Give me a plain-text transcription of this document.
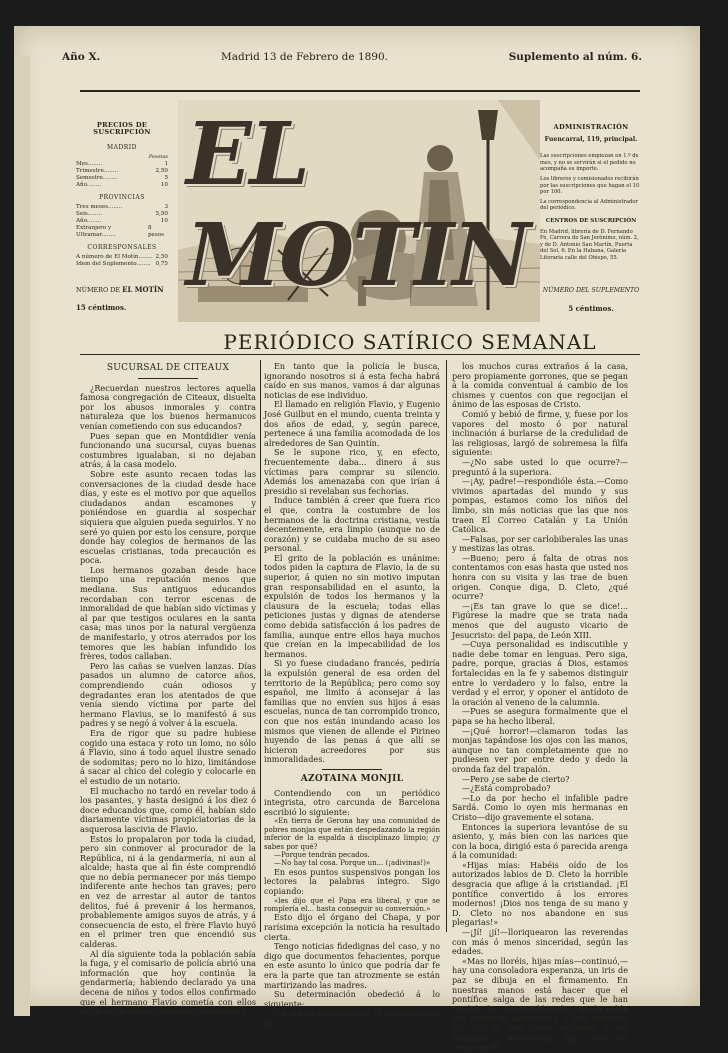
Año X.	Madrid 13 de Febrero de 1890.	Suplemento al núm. 6.
PRECIOS DE SUSCRIPCIÓN
MADRID
Pesetas
Mes........	1
Trimestre........	2,50
Semestre........	5
Año........	10
PROVINCIAS
Tres meses........	3
Seis........	5,50
Año........	10
Extranjero y Ultramar........
8 pesos
CORRESPONSALES
A número de El Motín........ 2,50
Idem del Suplemento........ 0,75
NÚMERO DE EL MOTÍN
15 céntimos.
EL MOTIN
ADMINISTRACIÓN
Fuencarral, 119, principal.

Las suscripciones empiezan en 1.º de mes, y no se servirán si el pedido no acompaña su importe.

Los libreros y comisionados recibirán por las suscripciones que hagan el 10 por 100.

La correspondencia al Administrador del periódico.

CENTROS DE SUSCRIPCIÓN

En Madrid, librería de D. Fernando Fe, Carrera de San Jerónimo, núm. 2, y de D. Antonio San Martín, Puerta del Sol, 6. En la Habana, Galería Literaria calle del Obispo, 55.

NÚMERO DEL SUPLEMENTO
5 céntimos.
PERIÓDICO SATÍRICO SEMANAL
SUCURSAL DE CITEAUX

¿Recuerdan nuestros lectores aquella famosa congregación de Citeaux, disuelta por los abusos inmorales y contra naturaleza que los buenos hermanucos venían cometiendo con sus educandos?

Pues sepan que en Montdidier venía funcionando una sucursal, cuyas buenas costumbres igualaban, si no dejaban atrás, á la casa modelo.

Sobre este asunto recaen todas las conversaciones de la ciudad desde hace días, y este es el motivo por que aquellos ciudadanos andan escamones y poniéndose en guardia al sospechar siquiera que alguien pueda seguirlos. Y no seré yo quien por esto los censure, porque donde hay colegios de hermanos de las escuelas cristianas, toda precaución es poca.

Los hermanos gozaban desde hace tiempo una reputación menos que mediana. Sus antiguos educandos recordaban con terror escenas de inmoralidad de que habían sido víctimas y al par que testigos oculares en la santa casa; mas unos por la natural vergüenza de manifestarlo, y otros aterrados por los temores que les habían infundido los frères, todos callaban.

Pero las cañas se vuelven lanzas. Días pasados un alumno de catorce años, comprendiendo cuán odiosos y degradantes eran los atentados de que venía siendo víctima por parte del hermano Flavius, se lo manifestó á sus padres y se negó á volver á la escuela.

Era de rigor que su padre hubiese cogido una estaca y roto un lomo, no sólo á Flavio, sino á todo aquel ilustre senado de sodomitas; pero no lo hizo, limitándose á sacar al chico del colegio y colocarle en el estudio de un notario.

El muchacho no tardó en revelar todo á los pasantes, y hasta designó á los diez ó doce educandos que, como él, habían sido diariamente víctimas propiciatorias de la asquerosa lascivia de Flavio.

Estos lo propalaron por toda la ciudad, pero sin conmover al procurador de la República, ni á la gendarmería, ni aun al alcalde; hasta que al fin éste comprendió que no debía permanecer por más tiempo indiferente ante hechos tan graves; pero en vez de arrestar al autor de tantos delitos, fué á prevenir á los hermanos, probablemente amigos suyos de atrás, y á consecuencia de esto, el frère Flavio huyó en el primer tren que encendió sus calderas.

Al día siguiente toda la población sabía la fuga, y el comisario de policía abrió una información que hoy continúa la gendarmería; habiendo declarado ya una decena de niños y todos ellos confirmado que el hermano Flavio cometía con ellos actos de la más repugnante inmoralidad.

En tanto que la policía le busca, ignorando nosotros si á esta fecha habrá caído en sus manos, vamos á dar algunas noticias de ese individuo.

El llamado en religión Flavio, y Eugenio José Guilbut en el mundo, cuenta treinta y dos años de edad, y, según parece, pertenece á una familia acomodada de los alrededores de San Quintín.

Se le supone rico, y, en efecto, frecuentemente daba... dinero á sus víctimas para comprar su silencio. Además los amenazaba con que irían á presidio si revelaban sus fechorías.

Induce también á creer que fuera rico el que, contra la costumbre de los hermanos de la doctrina cristiana, vestía decentemente, era limpio (aunque no de corazón) y se cuidaba mucho de su aseo personal.

El grito de la población es unánime: todos piden la captura de Flavio, la de su superior, á quien no sin motivo imputan gran responsabilidad en el asunto, la expulsión de todos los hermanos y la clausura de la escuela; todas ellas peticiones justas y dignas de atenderse como debida satisfacción á los padres de familia, aunque entre ellos haya muchos que creían en la impecabilidad de los hermanos.

Si yo fuese ciudadano francés, pediría la expulsión general de esa orden del territorio de la República; pero como soy español, me limito á aconsejar á las familias que no envíen sus hijos á esas escuelas, nunca de tan corrompido tronco, con que nos están inundando acaso los mismos que vienen de allende el Pirineo huyendo de las penas á que allí se hicieron acreedores por sus inmoralidades.

AZOTAINA MONJIL

Contendiendo con un periódico integrista, otro carcunda de Barcelona escribió lo siguiente:

«En tierra de Gerona hay una comunidad de pobres monjas que están despedazando la región inferior de la espalda á disciplinazo limpio; ¿y sabes por qué?

—Porque tendrán pecados.

—No hay tal cosa. Porque un... (¡adivinas!)»

En esos puntos suspensivos pongan los lectores la palabras íntegro. Sigo copiando:

«les dijo que el Papa era liberal, y que se romplería el... hasta conseguir su conversión.»

Esto dijo el órgano del Chapa, y por rarísima excepción la noticia ha resultado cierta.

Tengo noticias fidedignas del caso, y no digo que documentos fehacientes, porque en este asunto lo único que podría dar fe era la parte que tan atrozmente se están martirizando las madres.

Su determinación obedeció á lo siguiente:

Un día se descolgó por el convento uno de

los muchos curas extraños á la casa, pero propiamente gorrones, que se pegan á la comida conventual á cambio de los chismes y cuentos con que regocijan el ánimo de las esposas de Cristo.

Comió y bebió de firme, y, fuese por los vapores del mosto ó por natural inclinación á burlarse de la credulidad de las religiosas, largó de sobremesa la filfa siguiente:

—¿No sabe usted lo que ocurre?—preguntó á la superiora.

—¡Ay, padre!—respondióle ésta.—Como vivimos apartadas del mundo y sus pompas, estamos como los niños del limbo, sin más noticias que las que nos traen El Correo Catalán y La Unión Católica.

—Falsas, por ser carlobiberales las unas y mestizas las otras.

—Bueno; pero á falta de otras nos contentamos con esas hasta que usted nos honra con su visita y las trae de buen origen. Conque diga, D. Cleto, ¿qué ocurre?

—¡Es tan grave lo que se dice!... Figúrese la madre que se trata nada menos que del augusto vicario de Jesucristo: del papa, de León XIII.

—Cuya personalidad es indiscutible y nadie debe tomar en lenguas. Pero siga, padre, porque, gracias á Dios, estamos fortalecidas en la fe y sabemos distinguir entre lo verdadero y lo falso, entre la verdad y el error, y oponer el antídoto de la oración al veneno de la calumnia.

—Pues se asegura formalmente que el papa se ha hecho liberal.

—¡Qué horror!—clamaron todas las monjas tapándose los ojos con las manos, aunque no tan completamente que no pudiesen ver por entre dedo y dedo la oronda faz del trapalón.

—Pero ¿se sabe de cierto?

—¿Está comprobado?

—Lo da por hecho el infalible padre Sardá. Como lo oyen mis hermanas en Cristo—dijo gravemente el sotana.

Entonces la superiora levantóse de su asiento, y, más bien con las narices que con la boca, dirigió esta ó parecida arenga á la comunidad:

«Hijas mías: Habéis oído de los autorizados labios de D. Cleto la horrible desgracia que aflige á la cristiandad. ¡El pontífice convertido á los errores modernos! ¡Dios nos tenga de su mano y D. Cleto no nos abandone en sus plegarias!»

—¡Jí! ¡jí!—lloriquearon las reverendas con más ó menos sinceridad, según las edades.

«Mas no lloréis, hijas mías—continuó,—hay una consoladora esperanza, un iris de paz se dibuja en el firmamento. En nuestras manos está hacer que el pontífice salga de las redes que le han tendido los pícaros liberales. En la celda que ocupó mi antecesora, y que conservo tal cual la dejó como recuerdo á sus virtudes y austeridad, hay como un centenar de
